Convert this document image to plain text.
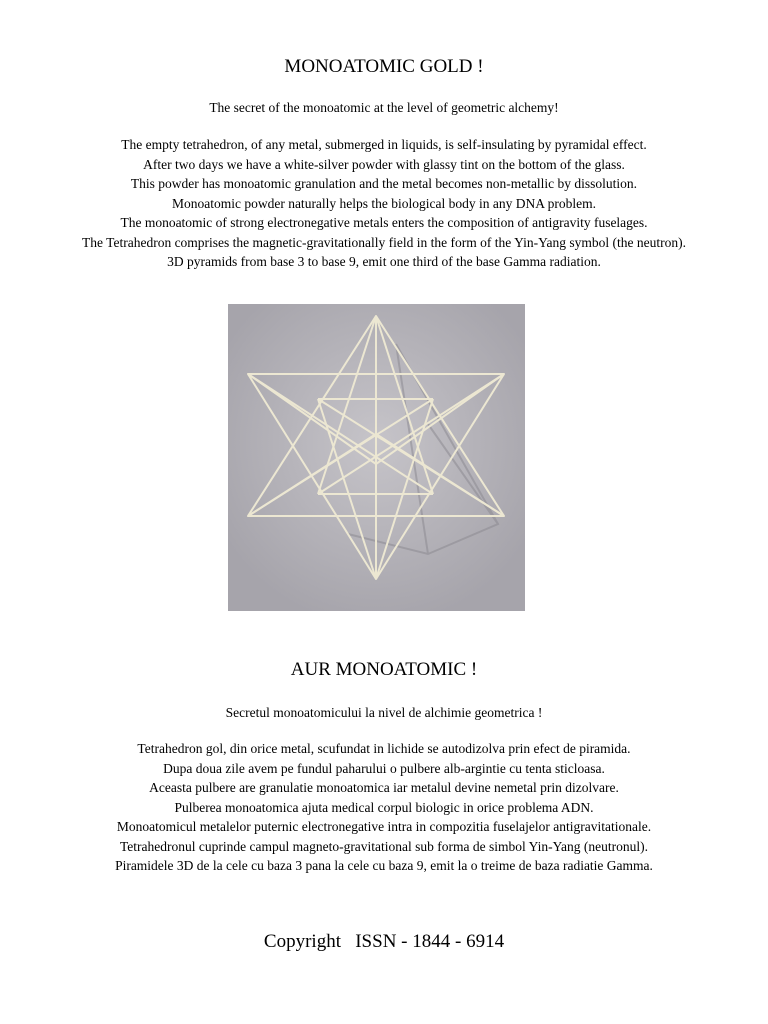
MONOATOMIC GOLD !
The secret of the monoatomic at the level of geometric alchemy!
The empty tetrahedron, of any metal, submerged in liquids, is self-insulating by pyramidal effect.
After two days we have a white-silver powder with glassy tint on the bottom of the glass.
This powder has monoatomic granulation and the metal becomes non-metallic by dissolution.
Monoatomic powder naturally helps the biological body in any DNA problem.
The monoatomic of strong electronegative metals enters the composition of antigravity fuselages.
The Tetrahedron comprises the magnetic-gravitationally field in the form of the Yin-Yang symbol (the neutron).
3D pyramids from base 3 to base 9, emit one third of the base Gamma radiation.
AUR MONOATOMIC !
Secretul monoatomicului la nivel de alchimie geometrica !
Tetrahedron gol, din orice metal, scufundat in lichide se autodizolva prin efect de piramida.
Dupa doua zile avem pe fundul paharului o pulbere alb-argintie cu tenta sticloasa.
Aceasta pulbere are granulatie monoatomica iar metalul devine nemetal prin dizolvare.
Pulberea monoatomica ajuta medical corpul biologic in orice problema ADN.
Monoatomicul metalelor puternic electronegative intra in compozitia fuselajelor antigravitationale.
Tetrahedronul cuprinde campul magneto-gravitational sub forma de simbol Yin-Yang (neutronul).
Piramidele 3D de la cele cu baza 3 pana la cele cu baza 9, emit la o treime de baza radiatie Gamma.
Copyright   ISSN - 1844 - 6914
